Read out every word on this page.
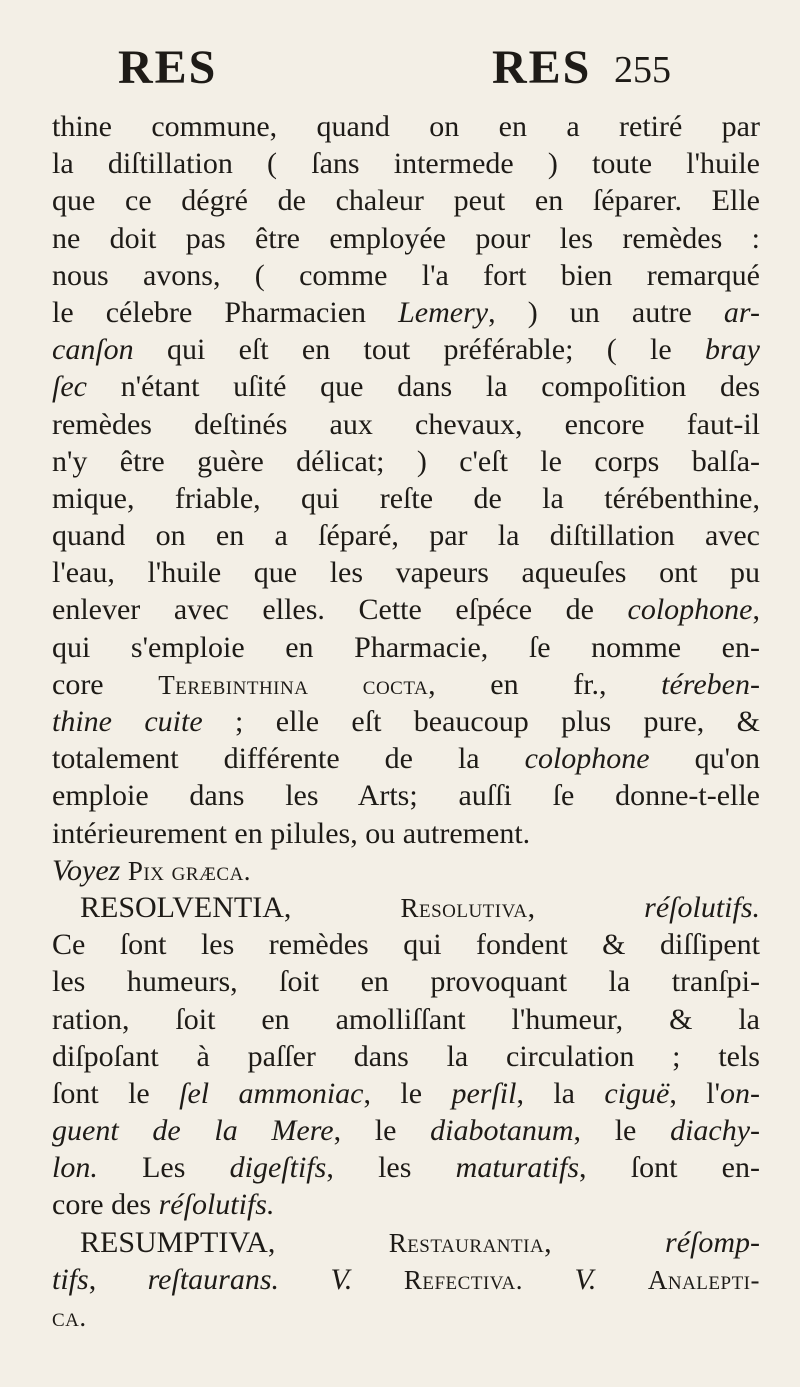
RES	RES 255
thine commune, quand on en a retiré par
la diſtillation ( ſans intermede ) toute l'huile
que ce dégré de chaleur peut en ſéparer. Elle
ne doit pas être employée pour les remèdes :
nous avons, ( comme l'a fort bien remarqué
le célebre Pharmacien Lemery, ) un autre ar-
canſon qui eſt en tout préférable; ( le bray
ſec n'étant uſité que dans la compoſition des
remèdes deſtinés aux chevaux, encore faut-il
n'y être guère délicat; ) c'eſt le corps balſa-
mique, friable, qui reſte de la térébenthine,
quand on en a ſéparé, par la diſtillation avec
l'eau, l'huile que les vapeurs aqueuſes ont pu
enlever avec elles. Cette eſpéce de colophone,
qui s'emploie en Pharmacie, ſe nomme en-
core Terebinthina cocta, en fr., téreben-
thine cuite ; elle eſt beaucoup plus pure, &
totalement différente de la colophone qu'on
emploie dans les Arts; auſſi ſe donne-t-elle
intérieurement en pilules, ou autrement.
Voyez Pix græca.
RESOLVENTIA, Resolutiva, réſolutifs.
Ce ſont les remèdes qui fondent & diſſipent
les humeurs, ſoit en provoquant la tranſpi-
ration, ſoit en amolliſſant l'humeur, & la
diſpoſant à paſſer dans la circulation ; tels
ſont le ſel ammoniac, le perſil, la ciguë, l'on-
guent de la Mere, le diabotanum, le diachy-
lon. Les digeſtifs, les maturatifs, ſont en-
core des réſolutifs.
RESUMPTIVA, Restaurantia, réſomp-
tifs, reſtaurans. V. Refectiva. V. Analepti-
ca.
